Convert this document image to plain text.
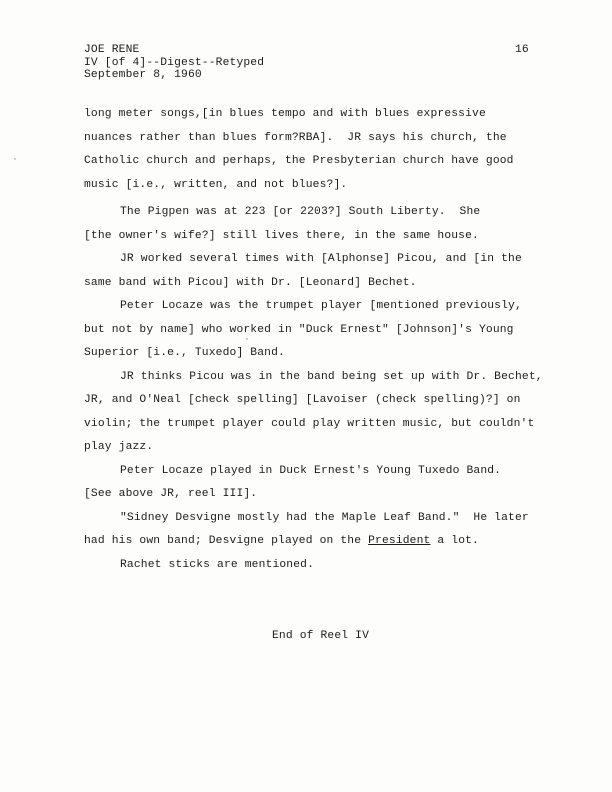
JOE RENE
IV [of 4]--Digest--Retyped
September 8, 1960
16
long meter songs,[in blues tempo and with blues expressive
nuances rather than blues form?RBA].  JR says his church, the
Catholic church and perhaps, the Presbyterian church have good
music [i.e., written, and not blues?].
The Pigpen was at 223 [or 2203?] South Liberty.  She
[the owner's wife?] still lives there, in the same house.
JR worked several times with [Alphonse] Picou, and [in the
same band with Picou] with Dr. [Leonard] Bechet.
Peter Locaze was the trumpet player [mentioned previously,
but not by name] who worked in "Duck Ernest" [Johnson]'s Young
Superior [i.e., Tuxedo] Band.
JR thinks Picou was in the band being set up with Dr. Bechet,
JR, and O'Neal [check spelling] [Lavoiser (check spelling)?] on
violin; the trumpet player could play written music, but couldn't
play jazz.
Peter Locaze played in Duck Ernest's Young Tuxedo Band.
[See above JR, reel III].
"Sidney Desvigne mostly had the Maple Leaf Band."  He later
had his own band; Desvigne played on the President a lot.
Rachet sticks are mentioned.
End of Reel IV
